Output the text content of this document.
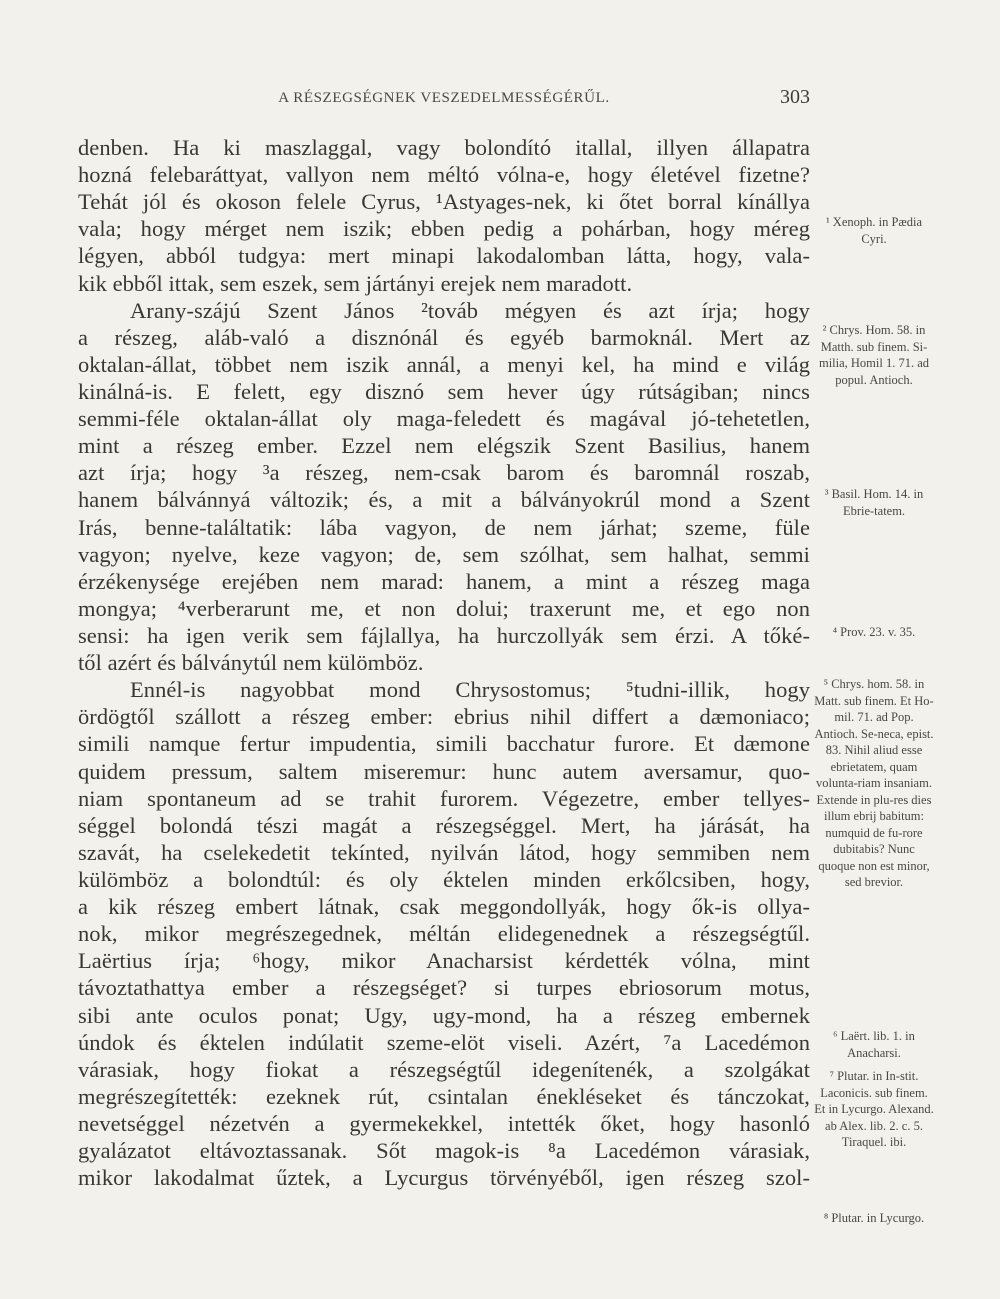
A RÉSZEGSÉGNEK VESZEDELMESSÉGÉRŰL.	303
denben. Ha ki maszlaggal, vagy bolondító itallal, illyen állapatra
hozná felebaráttyat, vallyon nem méltó vólna-e, hogy életével fizetne?
Tehát jól és okoson felele Cyrus, ¹Astyages-nek, ki őtet borral kínállya
vala; hogy mérget nem iszik; ebben pedig a pohárban, hogy méreg
légyen, abból tudgya: mert minapi lakodalomban látta, hogy, vala-
kik ebből ittak, sem eszek, sem jártányi erejek nem maradott.
Arany-szájú Szent János ²továb mégyen és azt írja; hogy
a részeg, aláb-való a disznónál és egyéb barmoknál. Mert az
oktalan-állat, többet nem iszik annál, a menyi kel, ha mind e világ
kinálná-is. E felett, egy disznó sem hever úgy rútságiban; nincs
semmi-féle oktalan-állat oly maga-feledett és magával jó-tehetetlen,
mint a részeg ember. Ezzel nem elégszik Szent Basilius, hanem
azt írja; hogy ³a részeg, nem-csak barom és baromnál roszab,
hanem bálvánnyá változik; és, a mit a bálványokrúl mond a Szent
Irás, benne-találtatik: lába vagyon, de nem járhat; szeme, füle
vagyon; nyelve, keze vagyon; de, sem szólhat, sem halhat, semmi
érzékenysége erejében nem marad: hanem, a mint a részeg maga
mongya; ⁴verberarunt me, et non dolui; traxerunt me, et ego non
sensi: ha igen verik sem fájlallya, ha hurczollyák sem érzi. A tőké-
től azért és bálványtúl nem külömböz.
Ennél-is nagyobbat mond Chrysostomus; ⁵tudni-illik, hogy
ördögtől szállott a részeg ember: ebrius nihil differt a dæmoniaco;
simili namque fertur impudentia, simili bacchatur furore. Et dæmone
quidem pressum, saltem miseremur: hunc autem aversamur, quo-
niam spontaneum ad se trahit furorem. Végezetre, ember tellyes-
séggel bolondá tészi magát a részegséggel. Mert, ha járását, ha
szavát, ha cselekedetit tekínted, nyilván látod, hogy semmiben nem
külömböz a bolondtúl: és oly éktelen minden erkőlcsiben, hogy,
a kik részeg embert látnak, csak meggondollyák, hogy ők-is ollya-
nok, mikor megrészegednek, méltán elidegenednek a részegségtűl.
Laërtius írja; ⁶hogy, mikor Anacharsist kérdették vólna, mint
távoztathattya ember a részegséget? si turpes ebriosorum motus,
sibi ante oculos ponat; Ugy, ugy-mond, ha a részeg embernek
úndok és éktelen indúlatit szeme-elöt viseli. Azért, ⁷a Lacedémon
várasiak, hogy fiokat a részegségtűl idegenítenék, a szolgákat
megrészegítették: ezeknek rút, csintalan énekléseket és tánczokat,
nevetséggel nézetvén a gyermekekkel, intették őket, hogy hasonló
gyalázatot eltávoztassanak. Sőt magok-is ⁸a Lacedémon várasiak,
mikor lakodalmat űztek, a Lycurgus törvényéből, igen részeg szol-
¹ Xenoph. in Pædia Cyri.
² Chrys. Hom. 58. in Matth. sub finem. Si-milia, Homil 1. 71. ad popul. Antioch.
³ Basil. Hom. 14. in Ebrie-tatem.
⁴ Prov. 23. v. 35.
⁵ Chrys. hom. 58. in Matt. sub finem. Et Ho-mil. 71. ad Pop. Antioch. Se-neca, epist. 83. Nihil aliud esse ebrietatem, quam volunta-riam insaniam. Extende in plu-res dies illum ebrij babitum: numquid de fu-rore dubitabis? Nunc quoque non est minor, sed brevior.
⁶ Laërt. lib. 1. in Anacharsi.
⁷ Plutar. in In-stit. Laconicis. sub finem. Et in Lycurgo. Alexand. ab Alex. lib. 2. c. 5. Tiraquel. ibi.
⁸ Plutar. in Lycurgo.
